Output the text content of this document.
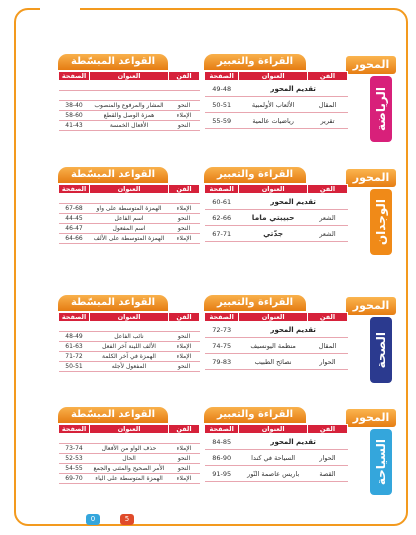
القواعد المبسّطة	القراءة والتعبير	المحور
الرياضة
الفن	العنوان	الصفحة
تقديم المحور		49-48
المقال	الألعاب الأولمبية	50-51
تقرير	رياضيات عالمية	55-59
الفن	العنوان	الصفحة

النحو	المشار والمرفوع والمنصوب	38-40
الإملاء	همزة الوصل والقطع	58-60
النحو	الأفعال الخمسة	41-43
القواعد المبسّطة	القراءة والتعبير	المحور
الوجدان
الفن	العنوان	الصفحة
تقديم المحور		60-61
الشعر	حبيبتي ماما	62-66
الشعر	جدّتي	67-71
الفن	العنوان	الصفحة

الإملاء	الهمزة المتوسطة على واو	67-68
النحو	اسم الفاعل	44-45
النحو	اسم المفعول	46-47
الإملاء	الهمزة المتوسطة على الألف	64-66
القواعد المبسّطة	القراءة والتعبير	المحور
الصحة
الفن	العنوان	الصفحة
تقديم المحور		72-73
المقال	منظمة اليونسيف	74-75
الحوار	نصائح الطبيب	79-83
الفن	العنوان	الصفحة

النحو	نائب الفاعل	48-49
الإملاء	الألف اللينة آخر الفعل	61-63
الإملاء	الهمزة في آخر الكلمة	71-72
النحو	المفعول لأجله	50-51
القواعد المبسّطة	القراءة والتعبير	المحور
السياحة
الفن	العنوان	الصفحة
تقديم المحور		84-85
الحوار	السياحة في كندا	86-90
القصة	باريس عاصمة النّور	91-95
الفن	العنوان	الصفحة

الإملاء	حذف الواو من الأفعال	73-74
النحو	الحال	52-53
النحو	الأمر الصحيح والمثنى والجمع	54-55
الإملاء	الهمزة المتوسطة على الياء	69-70
0	5
